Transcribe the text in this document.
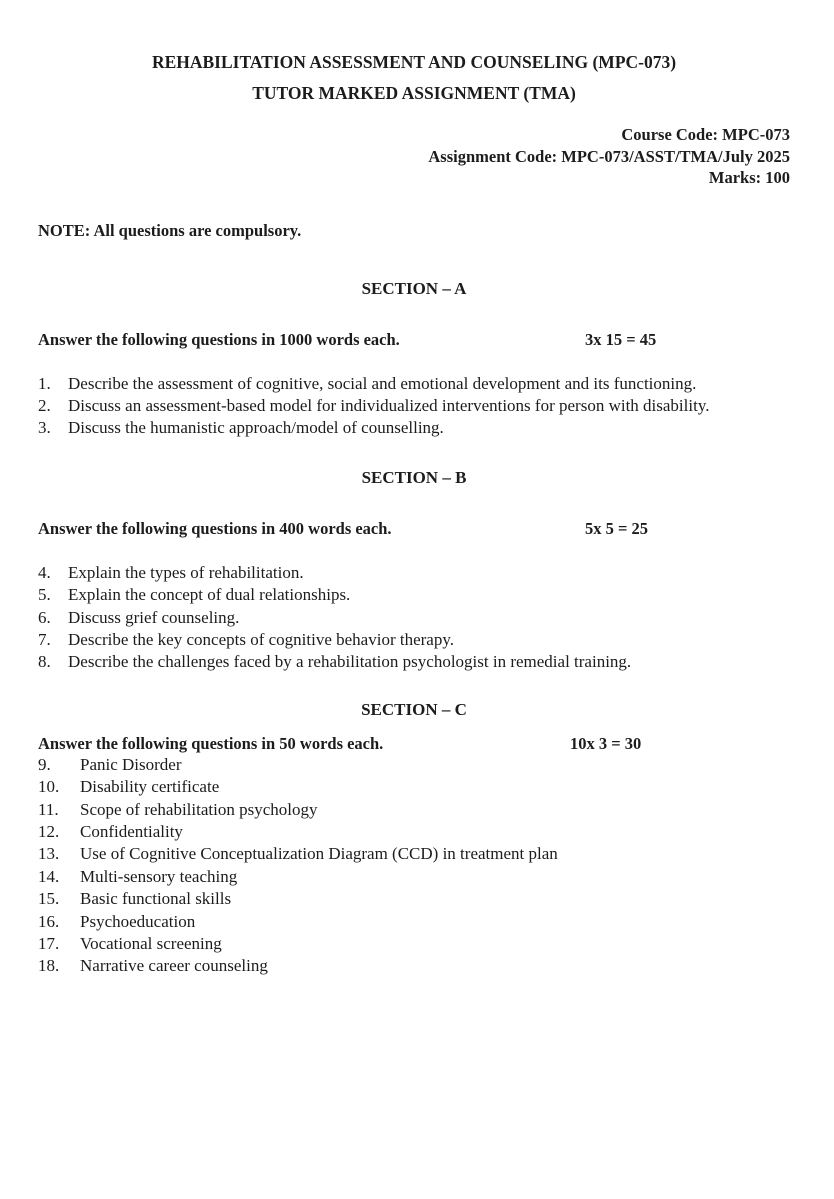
REHABILITATION ASSESSMENT AND COUNSELING (MPC-073)
TUTOR MARKED ASSIGNMENT (TMA)
Course Code: MPC-073
Assignment Code: MPC-073/ASST/TMA/July 2025
Marks: 100
NOTE: All questions are compulsory.
SECTION – A
Answer the following questions in 1000 words each.	3x 15 = 45
1.	Describe the assessment of cognitive, social and emotional development and its functioning.
2.	Discuss an assessment-based model for individualized interventions for person with disability.
3.	Discuss the humanistic approach/model of counselling.
SECTION – B
Answer the following questions in 400 words each.	5x 5 = 25
4.	Explain the types of rehabilitation.
5.	Explain the concept of dual relationships.
6.	Discuss grief counseling.
7.	Describe the key concepts of cognitive behavior therapy.
8.	Describe the challenges faced by a rehabilitation psychologist in remedial training.
SECTION – C
Answer the following questions in 50 words each.	10x 3 = 30
9.	Panic Disorder
10.	Disability certificate
11.	Scope of rehabilitation psychology
12.	Confidentiality
13.	Use of Cognitive Conceptualization Diagram (CCD) in treatment plan
14.	Multi-sensory teaching
15.	Basic functional skills
16.	Psychoeducation
17.	Vocational screening
18.	Narrative career counseling
